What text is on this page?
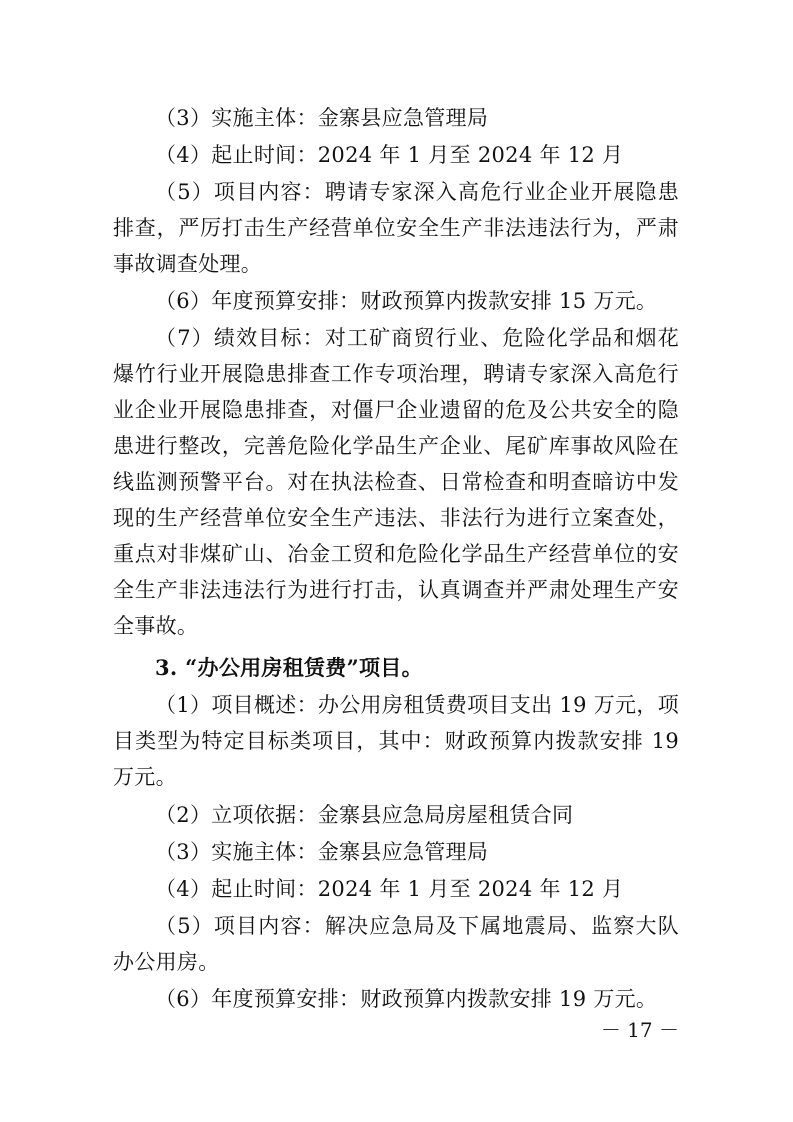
（3）实施主体：金寨县应急管理局

（4）起止时间：2024 年 1 月至 2024 年 12 月

（5）项目内容：聘请专家深入高危行业企业开展隐患排查，严厉打击生产经营单位安全生产非法违法行为，严肃事故调查处理。

（6）年度预算安排：财政预算内拨款安排 15 万元。

（7）绩效目标：对工矿商贸行业、危险化学品和烟花爆竹行业开展隐患排查工作专项治理，聘请专家深入高危行业企业开展隐患排查，对僵尸企业遗留的危及公共安全的隐患进行整改，完善危险化学品生产企业、尾矿库事故风险在线监测预警平台。对在执法检查、日常检查和明查暗访中发现的生产经营单位安全生产违法、非法行为进行立案查处，重点对非煤矿山、冶金工贸和危险化学品生产经营单位的安全生产非法违法行为进行打击，认真调查并严肃处理生产安全事故。

3. “办公用房租赁费”项目。

（1）项目概述：办公用房租赁费项目支出 19 万元，项目类型为特定目标类项目，其中：财政预算内拨款安排 19 万元。

（2）立项依据：金寨县应急局房屋租赁合同

（3）实施主体：金寨县应急管理局

（4）起止时间：2024 年 1 月至 2024 年 12 月

（5）项目内容：解决应急局及下属地震局、监察大队办公用房。

（6）年度预算安排：财政预算内拨款安排 19 万元。

－ 17 －
